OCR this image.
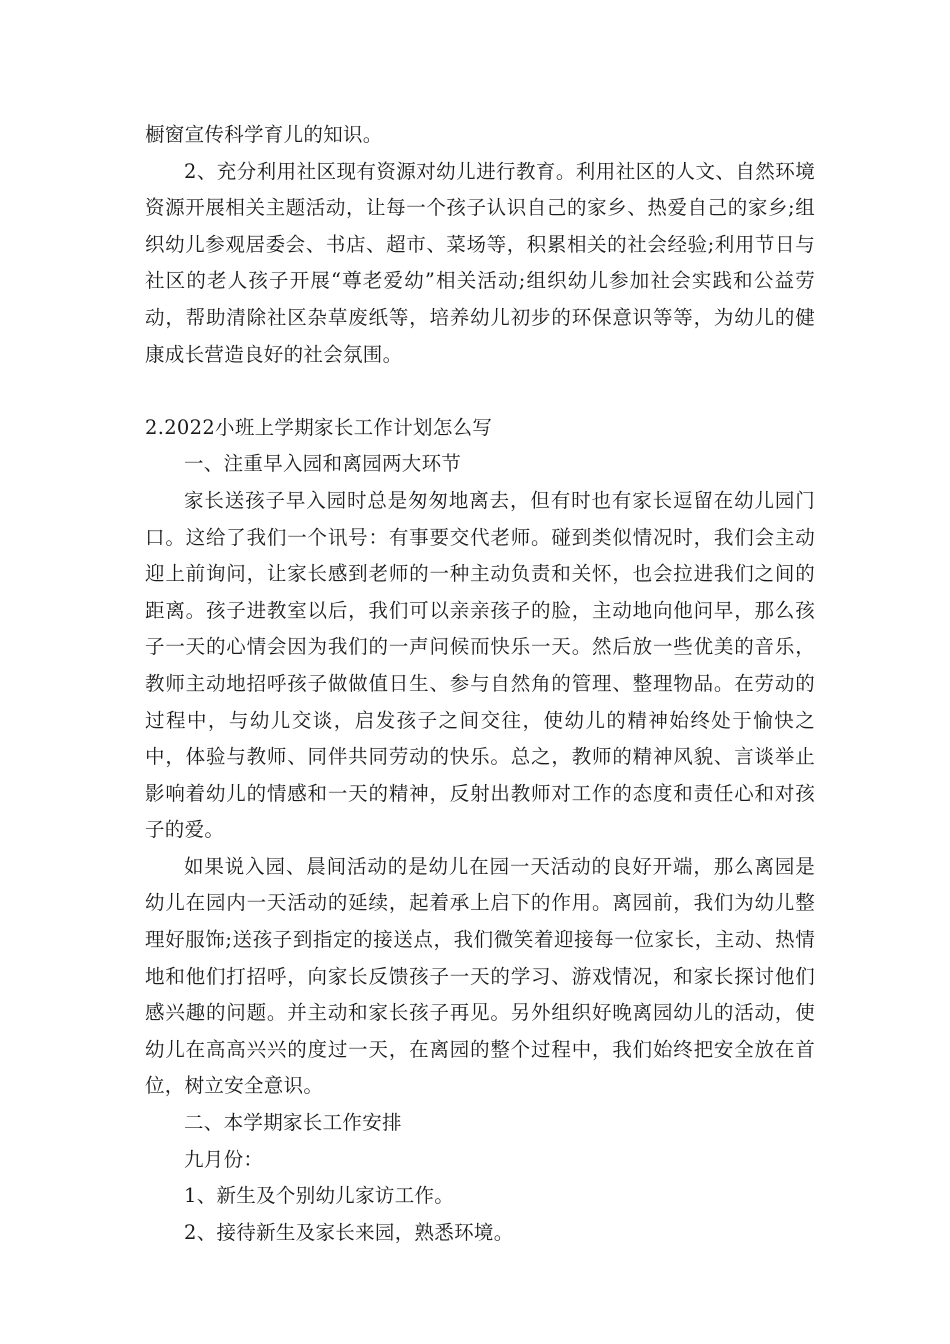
橱窗宣传科学育儿的知识。

2、充分利用社区现有资源对幼儿进行教育。利用社区的人文、自然环境资源开展相关主题活动，让每一个孩子认识自己的家乡、热爱自己的家乡;组织幼儿参观居委会、书店、超市、菜场等，积累相关的社会经验;利用节日与社区的老人孩子开展“尊老爱幼”相关活动;组织幼儿参加社会实践和公益劳动，帮助清除社区杂草废纸等，培养幼儿初步的环保意识等等，为幼儿的健康成长营造良好的社会氛围。

2.2022小班上学期家长工作计划怎么写

一、注重早入园和离园两大环节

家长送孩子早入园时总是匆匆地离去，但有时也有家长逗留在幼儿园门口。这给了我们一个讯号：有事要交代老师。碰到类似情况时，我们会主动迎上前询问，让家长感到老师的一种主动负责和关怀，也会拉进我们之间的距离。孩子进教室以后，我们可以亲亲孩子的脸，主动地向他问早，那么孩子一天的心情会因为我们的一声问候而快乐一天。然后放一些优美的音乐，教师主动地招呼孩子做做值日生、参与自然角的管理、整理物品。在劳动的过程中，与幼儿交谈，启发孩子之间交往，使幼儿的精神始终处于愉快之中，体验与教师、同伴共同劳动的快乐。总之，教师的精神风貌、言谈举止影响着幼儿的情感和一天的精神，反射出教师对工作的态度和责任心和对孩子的爱。

如果说入园、晨间活动的是幼儿在园一天活动的良好开端，那么离园是幼儿在园内一天活动的延续，起着承上启下的作用。离园前，我们为幼儿整理好服饰;送孩子到指定的接送点，我们微笑着迎接每一位家长，主动、热情地和他们打招呼，向家长反馈孩子一天的学习、游戏情况，和家长探讨他们感兴趣的问题。并主动和家长孩子再见。另外组织好晚离园幼儿的活动，使幼儿在高高兴兴的度过一天，在离园的整个过程中，我们始终把安全放在首位，树立安全意识。

二、本学期家长工作安排

九月份：

1、新生及个别幼儿家访工作。

2、接待新生及家长来园，熟悉环境。
